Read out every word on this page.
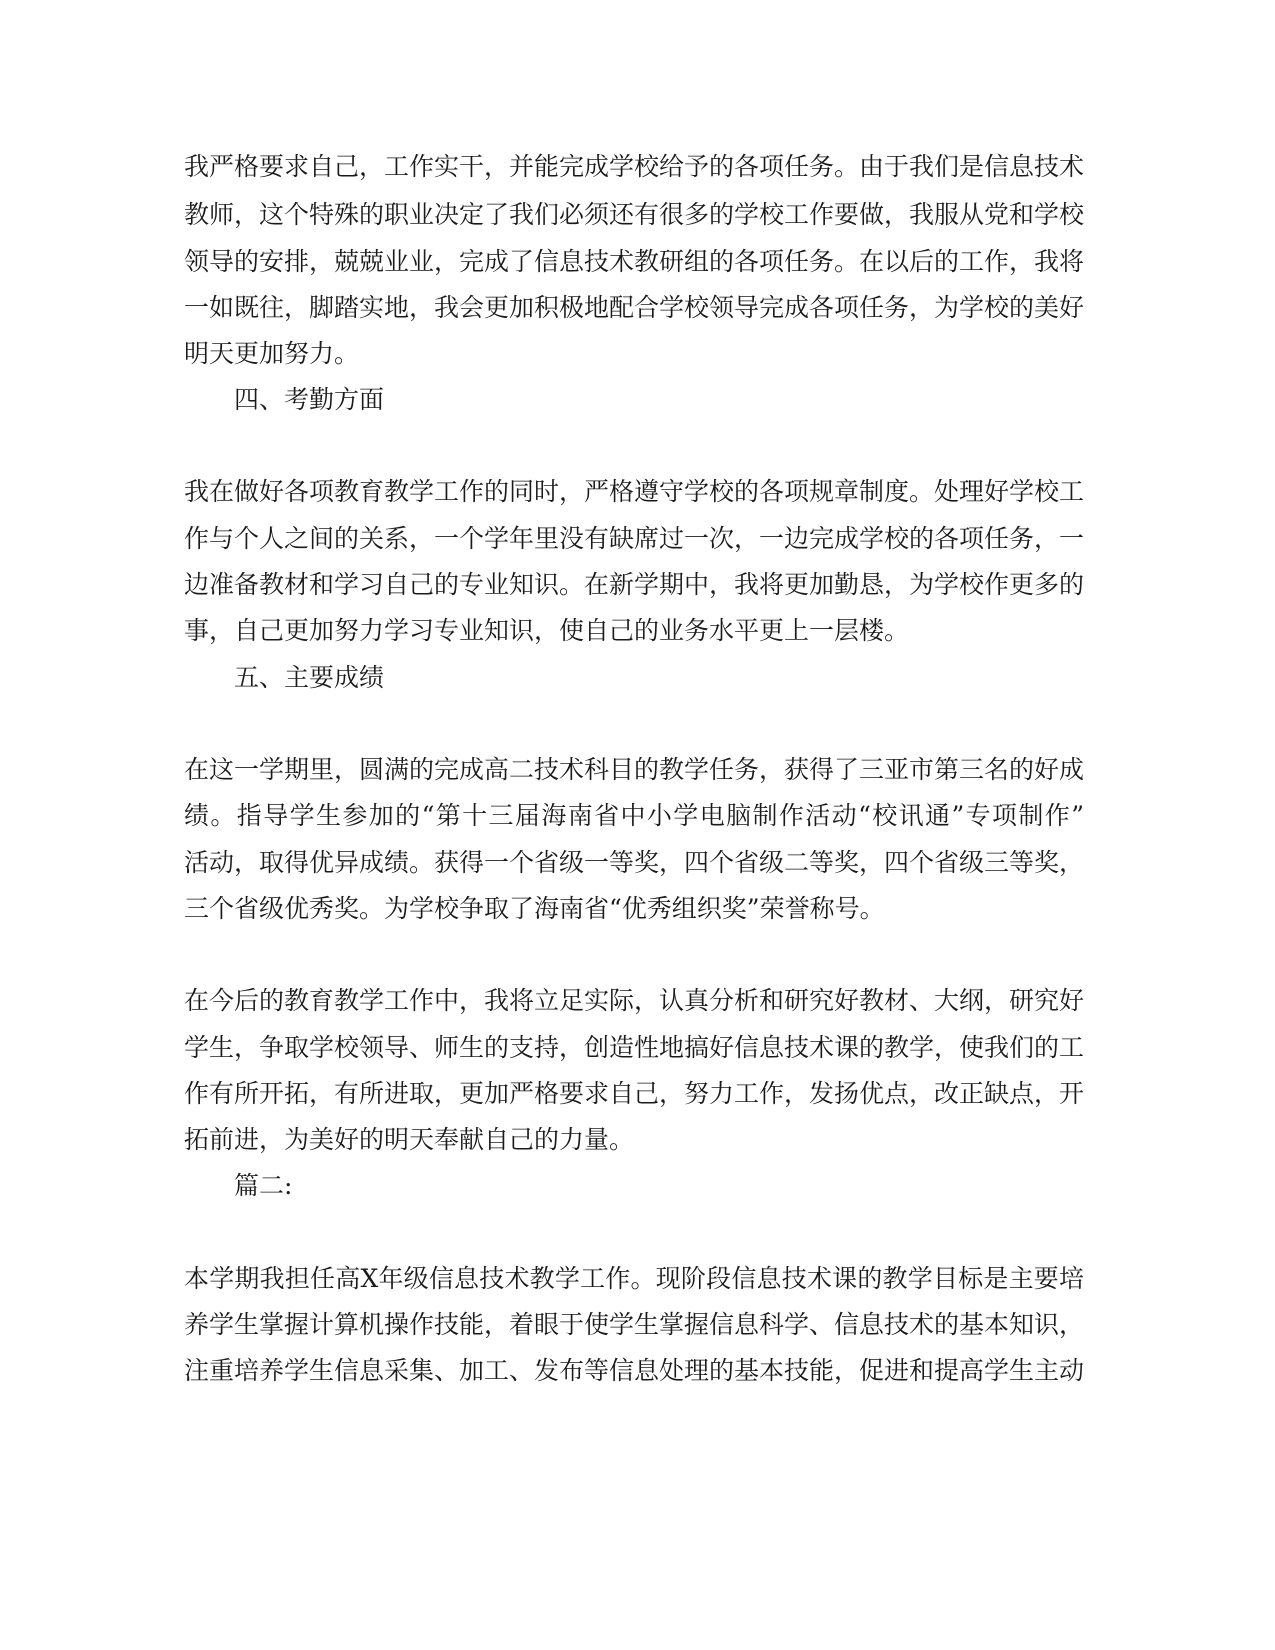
我严格要求自己，工作实干，并能完成学校给予的各项任务。由于我们是信息技术
教师，这个特殊的职业决定了我们必须还有很多的学校工作要做，我服从党和学校
领导的安排，兢兢业业，完成了信息技术教研组的各项任务。在以后的工作，我将
一如既往，脚踏实地，我会更加积极地配合学校领导完成各项任务，为学校的美好
明天更加努力。
四、考勤方面
我在做好各项教育教学工作的同时，严格遵守学校的各项规章制度。处理好学校工
作与个人之间的关系，一个学年里没有缺席过一次，一边完成学校的各项任务，一
边准备教材和学习自己的专业知识。在新学期中，我将更加勤恳，为学校作更多的
事，自己更加努力学习专业知识，使自己的业务水平更上一层楼。
五、主要成绩
在这一学期里，圆满的完成高二技术科目的教学任务，获得了三亚市第三名的好成
绩。指导学生参加的“第十三届海南省中小学电脑制作活动“校讯通”专项制作”
活动，取得优异成绩。获得一个省级一等奖，四个省级二等奖，四个省级三等奖，
三个省级优秀奖。为学校争取了海南省“优秀组织奖”荣誉称号。
在今后的教育教学工作中，我将立足实际，认真分析和研究好教材、大纲，研究好
学生，争取学校领导、师生的支持，创造性地搞好信息技术课的教学，使我们的工
作有所开拓，有所进取，更加严格要求自己，努力工作，发扬优点，改正缺点，开
拓前进，为美好的明天奉献自己的力量。
篇二:
本学期我担任高X年级信息技术教学工作。现阶段信息技术课的教学目标是主要培
养学生掌握计算机操作技能，着眼于使学生掌握信息科学、信息技术的基本知识，
注重培养学生信息采集、加工、发布等信息处理的基本技能，促进和提高学生主动
